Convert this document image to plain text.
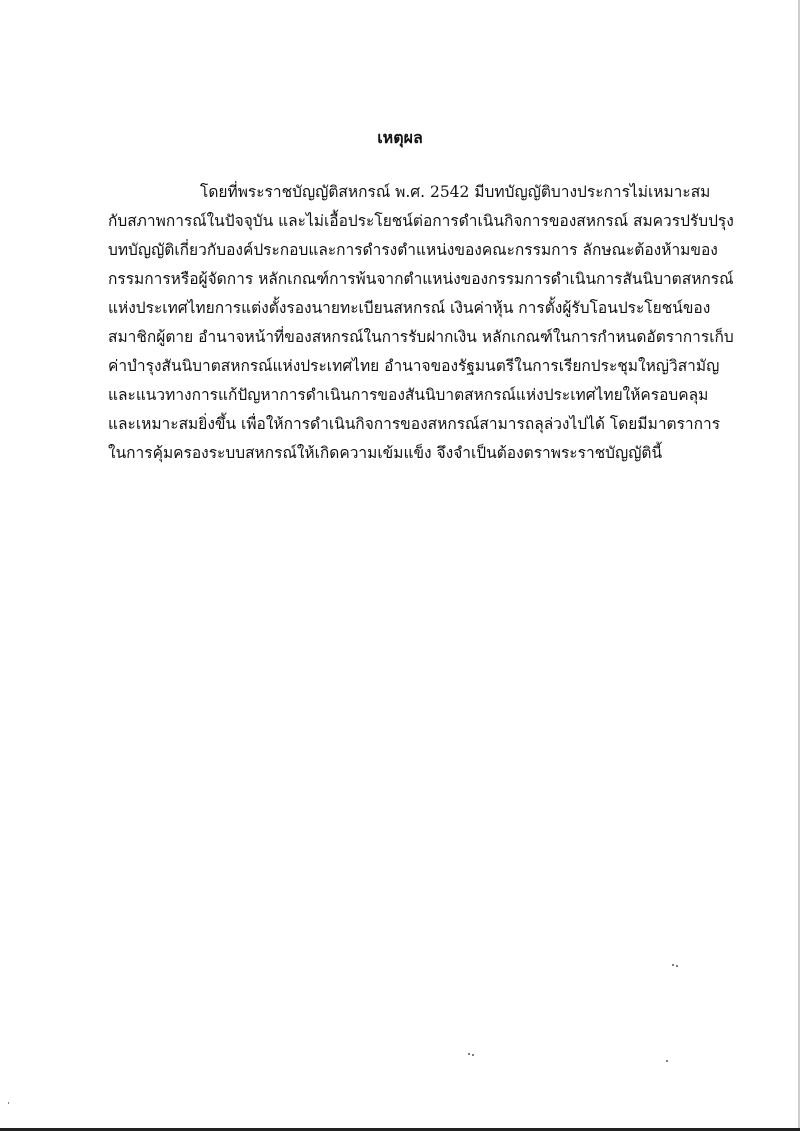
เหตุผล
โดยที่พระราชบัญญัติสหกรณ์ พ.ศ. 2542 มีบทบัญญัติบางประการไม่เหมาะสม
กับสภาพการณ์ในปัจจุบัน และไม่เอื้อประโยชน์ต่อการดำเนินกิจการของสหกรณ์ สมควรปรับปรุง
บทบัญญัติเกี่ยวกับองค์ประกอบและการดำรงตำแหน่งของคณะกรรมการ ลักษณะต้องห้ามของ
กรรมการหรือผู้จัดการ หลักเกณฑ์การพ้นจากตำแหน่งของกรรมการดำเนินการสันนิบาตสหกรณ์
แห่งประเทศไทยการแต่งตั้งรองนายทะเบียนสหกรณ์ เงินค่าหุ้น การตั้งผู้รับโอนประโยชน์ของ
สมาชิกผู้ตาย อำนาจหน้าที่ของสหกรณ์ในการรับฝากเงิน หลักเกณฑ์ในการกำหนดอัตราการเก็บ
ค่าบำรุงสันนิบาตสหกรณ์แห่งประเทศไทย อำนาจของรัฐมนตรีในการเรียกประชุมใหญ่วิสามัญ
และแนวทางการแก้ปัญหาการดำเนินการของสันนิบาตสหกรณ์แห่งประเทศไทยให้ครอบคลุม
และเหมาะสมยิ่งขึ้น เพื่อให้การดำเนินกิจการของสหกรณ์สามารถลุล่วงไปได้ โดยมีมาตราการ
ในการคุ้มครองระบบสหกรณ์ให้เกิดความเข้มแข็ง จึงจำเป็นต้องตราพระราชบัญญัตินี้
